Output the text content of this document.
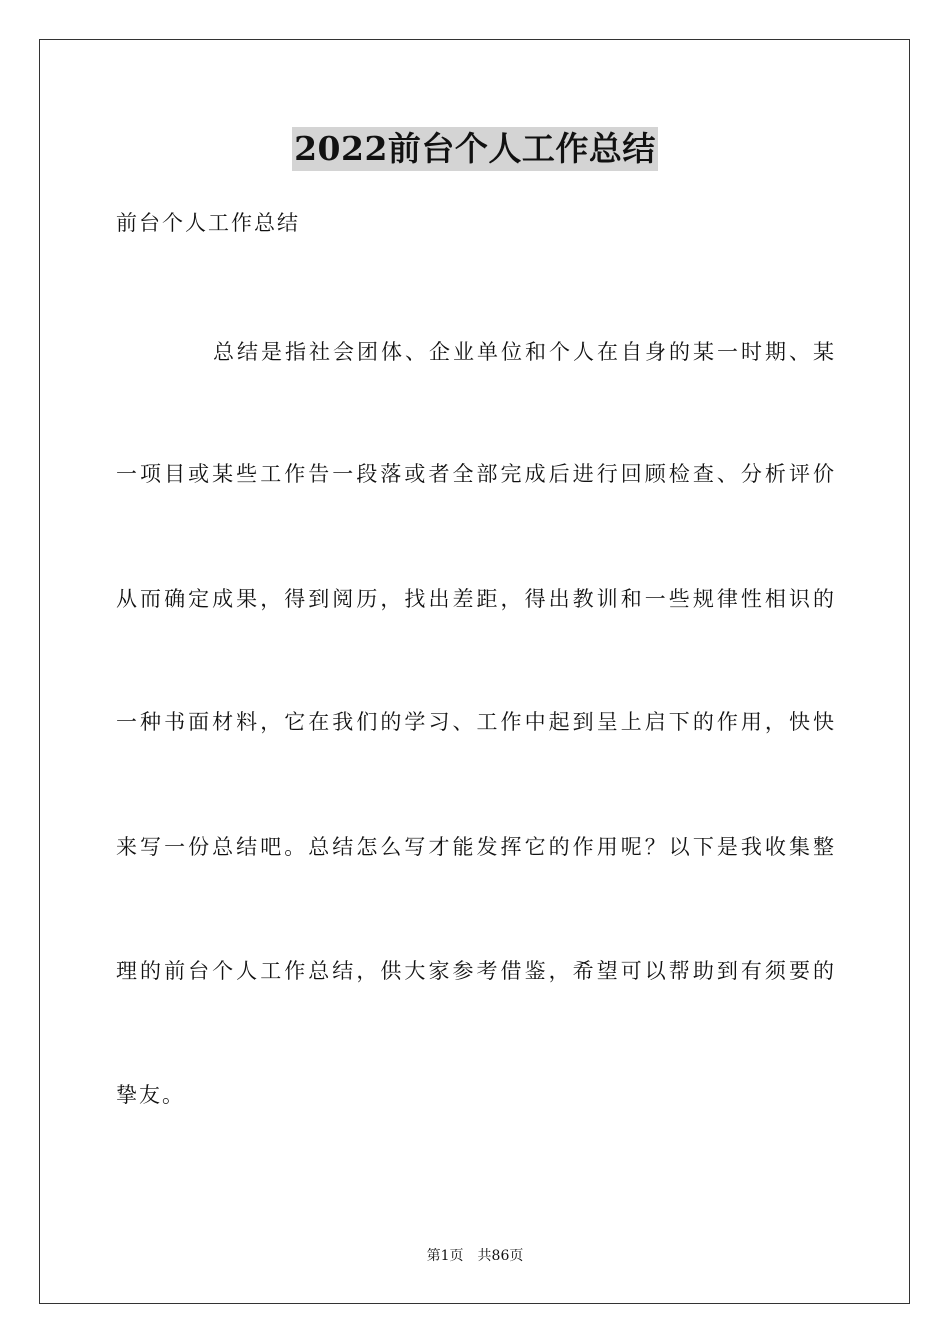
2022前台个人工作总结

前台个人工作总结

总结是指社会团体、企业单位和个人在自身的某一时期、某

一项目或某些工作告一段落或者全部完成后进行回顾检查、分析评价

从而确定成果，得到阅历，找出差距，得出教训和一些规律性相识的

一种书面材料，它在我们的学习、工作中起到呈上启下的作用，快快

来写一份总结吧。总结怎么写才能发挥它的作用呢？以下是我收集整

理的前台个人工作总结，供大家参考借鉴，希望可以帮助到有须要的

挚友。

第1页 共86页
